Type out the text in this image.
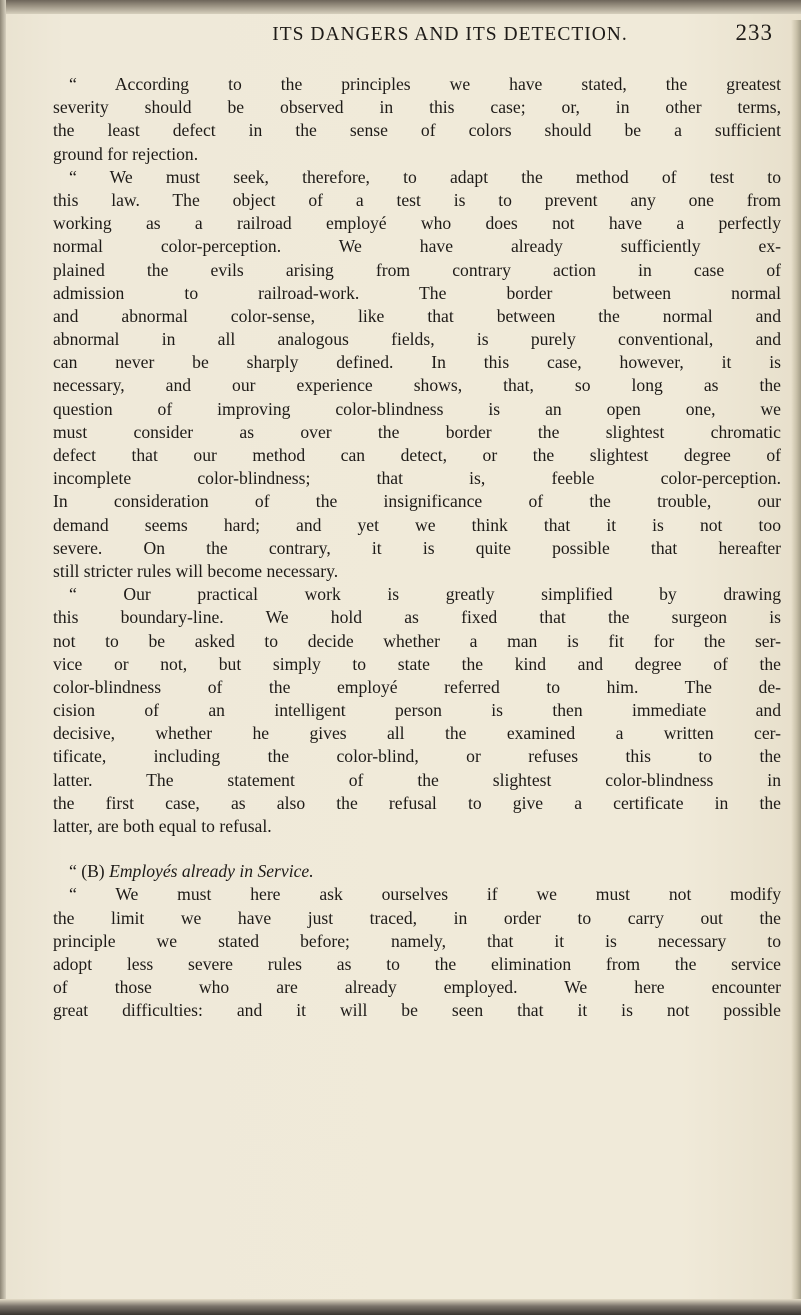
ITS DANGERS AND ITS DETECTION.	233
“ According to the principles we have stated, the greatest
severity should be observed in this case; or, in other terms,
the least defect in the sense of colors should be a sufficient
ground for rejection.
“ We must seek, therefore, to adapt the method of test to
this law. The object of a test is to prevent any one from
working as a railroad employé who does not have a perfectly
normal color-perception. We have already sufficiently ex-
plained the evils arising from contrary action in case of
admission to railroad-work. The border between normal
and abnormal color-sense, like that between the normal and
abnormal in all analogous fields, is purely conventional, and
can never be sharply defined. In this case, however, it is
necessary, and our experience shows, that, so long as the
question of improving color-blindness is an open one, we
must consider as over the border the slightest chromatic
defect that our method can detect, or the slightest degree of
incomplete color-blindness; that is, feeble color-perception.
In consideration of the insignificance of the trouble, our
demand seems hard; and yet we think that it is not too
severe. On the contrary, it is quite possible that hereafter
still stricter rules will become necessary.
“ Our practical work is greatly simplified by drawing
this boundary-line. We hold as fixed that the surgeon is
not to be asked to decide whether a man is fit for the ser-
vice or not, but simply to state the kind and degree of the
color-blindness of the employé referred to him. The de-
cision of an intelligent person is then immediate and
decisive, whether he gives all the examined a written cer-
tificate, including the color-blind, or refuses this to the
latter. The statement of the slightest color-blindness in
the first case, as also the refusal to give a certificate in the
latter, are both equal to refusal.
“ (B) Employés already in Service.
“ We must here ask ourselves if we must not modify
the limit we have just traced, in order to carry out the
principle we stated before; namely, that it is necessary to
adopt less severe rules as to the elimination from the service
of those who are already employed. We here encounter
great difficulties: and it will be seen that it is not possible
